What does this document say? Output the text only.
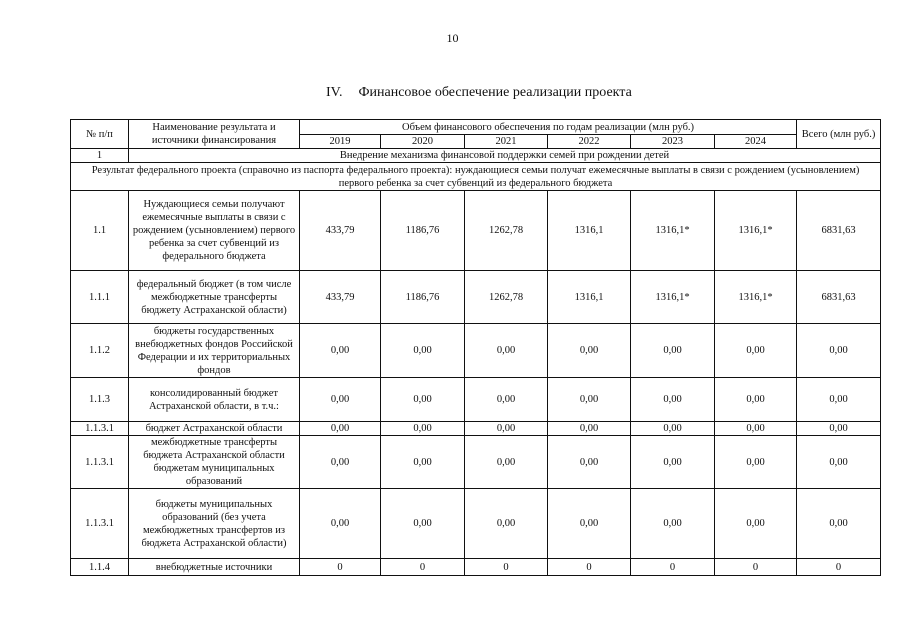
10
IV. Финансовое обеспечение реализации проекта
№ п/п	Наименование результата и источники финансирования	Объем финансового обеспечения по годам реализации (млн руб.)						Всего (млн руб.)
		2019	2020	2021	2022	2023	2024	
1	Внедрение механизма финансовой поддержки семей при рождении детей							
Результат федерального проекта (справочно из паспорта федерального проекта): нуждающиеся семьи получат ежемесячные выплаты в связи с рождением (усыновлением) первого ребенка за счет субвенций из федерального бюджета								
1.1	Нуждающиеся семьи получают ежемесячные выплаты в связи с рождением (усыновлением) первого ребенка за счет субвенций из федерального бюджета	433,79	1186,76	1262,78	1316,1	1316,1*	1316,1*	6831,63
1.1.1	федеральный бюджет (в том числе межбюджетные трансферты бюджету Астраханской области)	433,79	1186,76	1262,78	1316,1	1316,1*	1316,1*	6831,63
1.1.2	бюджеты государственных внебюджетных фондов Российской Федерации и их территориальных фондов	0,00	0,00	0,00	0,00	0,00	0,00	0,00
1.1.3	консолидированный бюджет Астраханской области, в т.ч.:	0,00	0,00	0,00	0,00	0,00	0,00	0,00
1.1.3.1	бюджет Астраханской области	0,00	0,00	0,00	0,00	0,00	0,00	0,00
1.1.3.1	межбюджетные трансферты бюджета Астраханской области бюджетам муниципальных образований	0,00	0,00	0,00	0,00	0,00	0,00	0,00
1.1.3.1	бюджеты муниципальных образований (без учета межбюджетных трансфертов из бюджета Астраханской области)	0,00	0,00	0,00	0,00	0,00	0,00	0,00
1.1.4	внебюджетные источники	0	0	0	0	0	0	0
